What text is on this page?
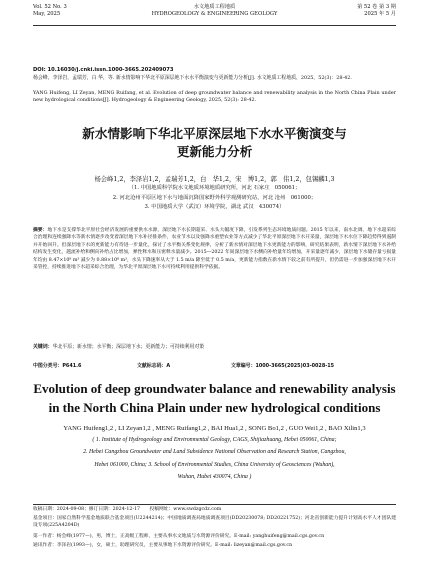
Vol. 52 No. 3
May, 2025
水文地质工程地质
HYDROGEOLOGY & ENGINEERING GEOLOGY
第 52 卷 第 3 期
2025 年 5 月
DOI: 10.16030/j.cnki.issn.1000-3665.202409073
杨会峰，李泽岩，孟瑞芳，白 华，等. 新水情影响下华北平原深层地下水水平衡演变与更新能力分析[J]. 水文地质工程地质，2025，52(3)：28-42.
YANG Huifeng, LI Zeyan, MENG Ruifang, et al. Evolution of deep groundwater balance and renewability analysis in the North China Plain under new hydrological conditions[J]. Hydrogeology & Engineering Geology, 2025, 52(3): 28-42.
新水情影响下华北平原深层地下水水平衡演变与
更新能力分析
杨会峰1,2，李泽岩1,2，孟瑞芳1,2，白　华1,2，宋　博1,2，郭　伟1,2，包锡麟1,3
（1. 中国地质科学院水文地质环境地质研究所，河北 石家庄　050061；
2. 河北沧州平原区地下水与地面沉降国家野外科学观测研究站，河北 沧州　061000；
3. 中国地质大学（武汉）环境学院，湖北 武汉　430074）
摘要：地下水是支撑华北平原社会经济发展的重要供水水源，深层地下水长期超采、水头大幅度下降，引发系列生态环境地质问题。2015 年以来，南水北调、地下水超采综合治理和连续强降水等新水情逐步改变着深层地下水补径排条件，农业节水以及强降水重塑农业等方式减少了华北平原深层地下水开采量，深层地下水水位下降趋势得到遏制并开始回升。但深层地下水的更新能力有待进一步量化，探讨了水平衡关系变化规律，分析了新水情对深层地下水更新能力的影响，研究结果表明，新水情下深层地下水补给结构发生变化，越流补给和侧向补给占比增加，弹性释水和压密释水量减少。2015—2022 年间深层地下水侧向补给量年均增加，开采量逐年减少，深层地下水储存量亏损量年均由 8.47×10⁸ m³ 减少为 0.88×10⁸ m³，水头下降速率从大于 1.5 m/a 降至低于 0.5 m/a，更新能力指数在新水情下较之前有所提升，但仍需进一步加强深层地下水开采管控，持续推进地下水超采综合治理，为华北平原深层地下水可持续利用提供科学依据。
关键词：华北平原；新水情；水平衡；深层地下水；更新能力；可持续利用对策
中图分类号：P641.6	文献标志码：A	文章编号：1000-3665(2025)03-0028-15
Evolution of deep groundwater balance and renewability analysis
in the North China Plain under new hydrological conditions
YANG Huifeng1,2 , LI Zeyan1,2 , MENG Ruifang1,2 , BAI Hua1,2 , SONG Bo1,2 , GUO Wei1,2 , BAO Xilin1,3
( 1. Institute of Hydrogeology and Environmental Geology, CAGS, Shijiazhuang, Hebei 050061, China;
2. Hebei Cangzhou Groundwater and Land Subsidence National Observation and Research Station, Cangzhou,
Hebei 061000, China; 3. School of Environmental Studies, China University of Geosciences (Wuhan),
Wuhan, Hubei 430074, China )
收稿日期：2024-09-08；修订日期：2024-12-17　　投稿网址：www.swdzgcdz.com
基金项目：国家自然科学基金地质联合基金项目(U2244214)；中国地质调查局地质调查项目(DD20230078; DD20221752)；河北省创新能力提升计划高水平人才团队建设专项(225A4204D)
第一作者：杨会峰(1977—)，男，博士，正高级工程师，主要从事水文地质与水资源评价研究。E-mail: yanghuifeng@mail.cgs.gov.cn
通讯作者：李泽岩(1993—)，女，硕士，助理研究员，主要从事地下水资源评价研究。E-mail: lizeyan@mail.cgs.gov.cn
